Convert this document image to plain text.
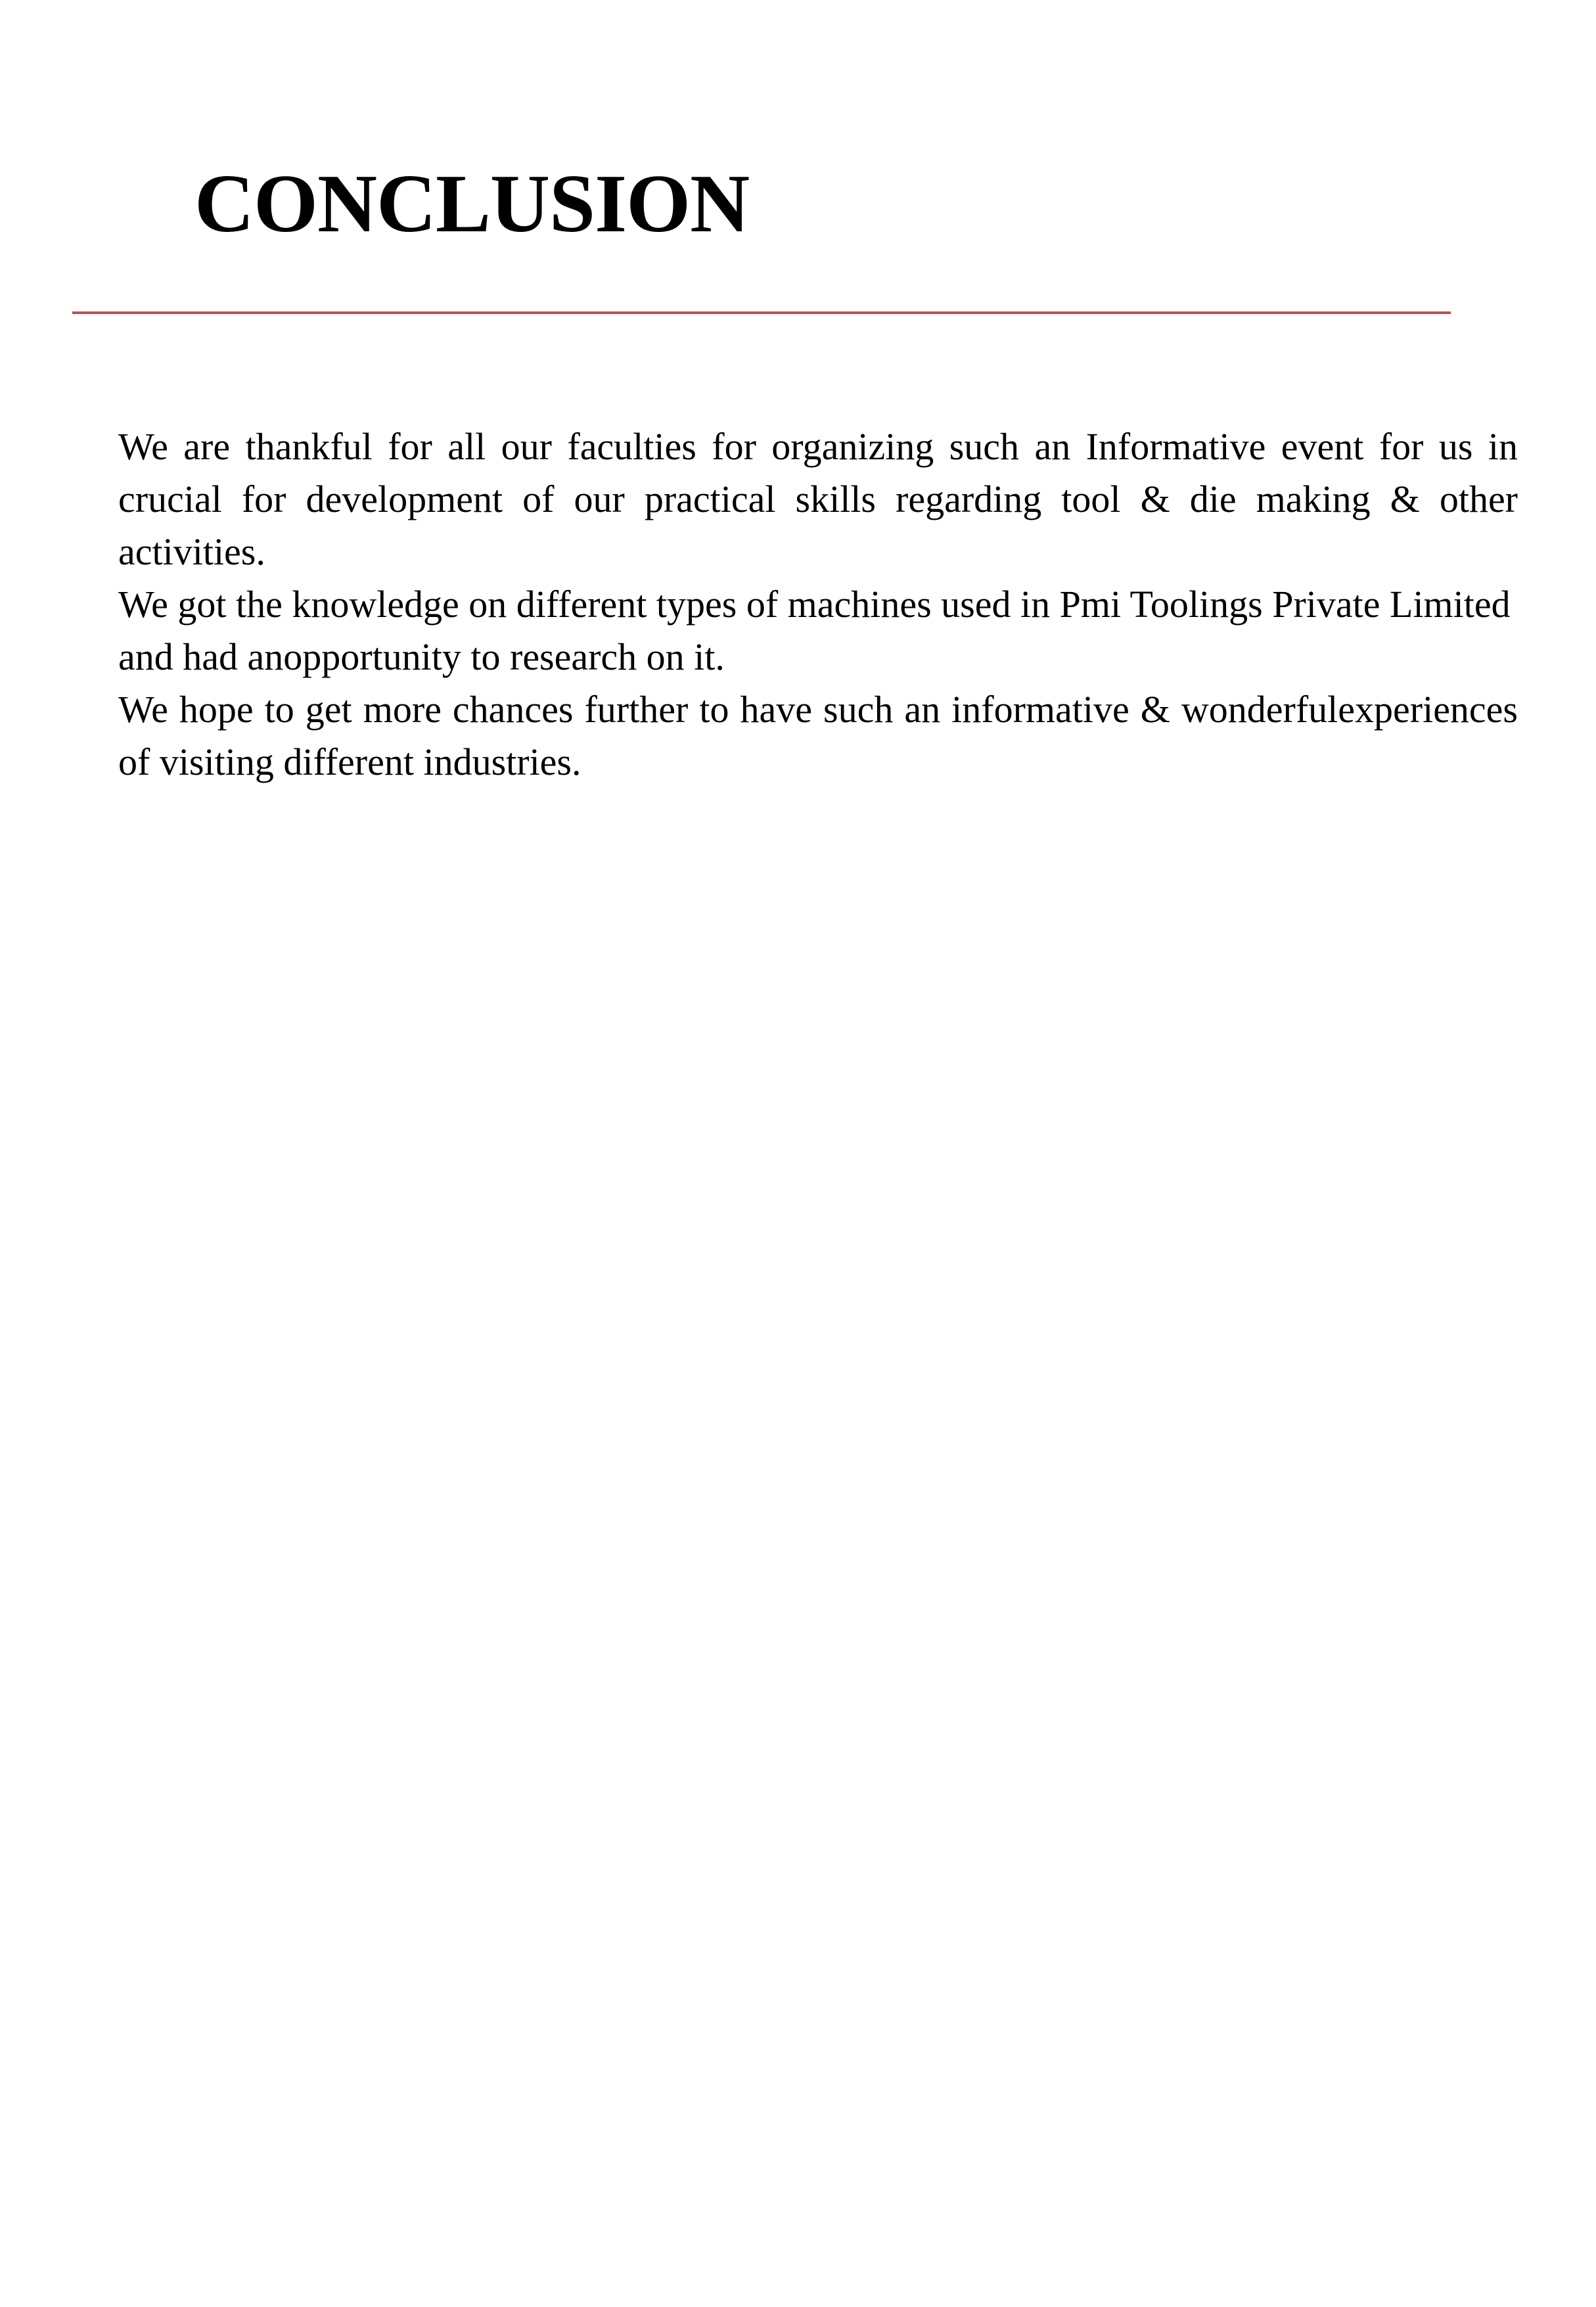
CONCLUSION

We are thankful for all our faculties for organizing such an Informative event for us in crucial for development of our practical skills regarding tool & die making & other activities.

We got the knowledge on different types of machines used in Pmi Toolings Private Limited and had anopportunity to research on it.

We hope to get more chances further to have such an informative & wonderfulexperiences of visiting different industries.
